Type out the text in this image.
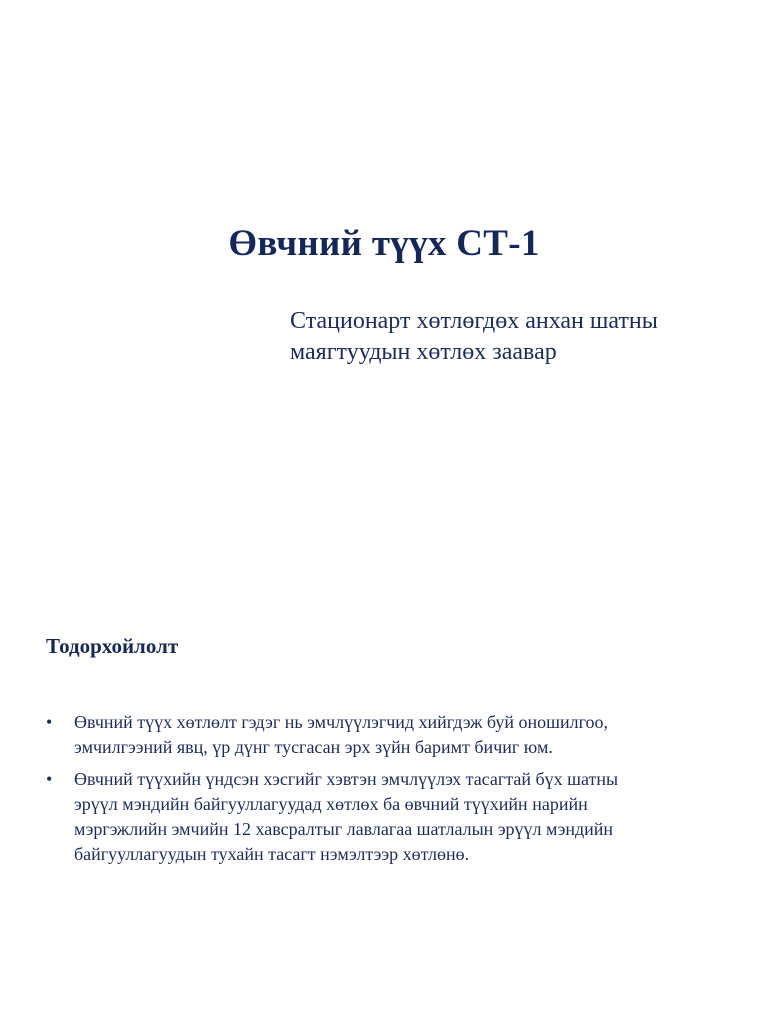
Өвчний түүх СТ-1

Стационарт хөтлөгдөх анхан шатны
маягтуудын хөтлөх заавар

Тодорхойлолт
• Өвчний түүх хөтлөлт гэдэг нь эмчлүүлэгчид хийгдэж буй оношилгоо,
эмчилгээний явц, үр дүнг тусгасан эрх зүйн баримт бичиг юм.
• Өвчний түүхийн үндсэн хэсгийг хэвтэн эмчлүүлэх тасагтай бүх шатны
эрүүл мэндийн байгууллагуудад хөтлөх ба өвчний түүхийн нарийн
мэргэжлийн эмчийн 12 хавсралтыг лавлагаа шатлалын эрүүл мэндийн
байгууллагуудын тухайн тасагт нэмэлтээр хөтлөнө.
